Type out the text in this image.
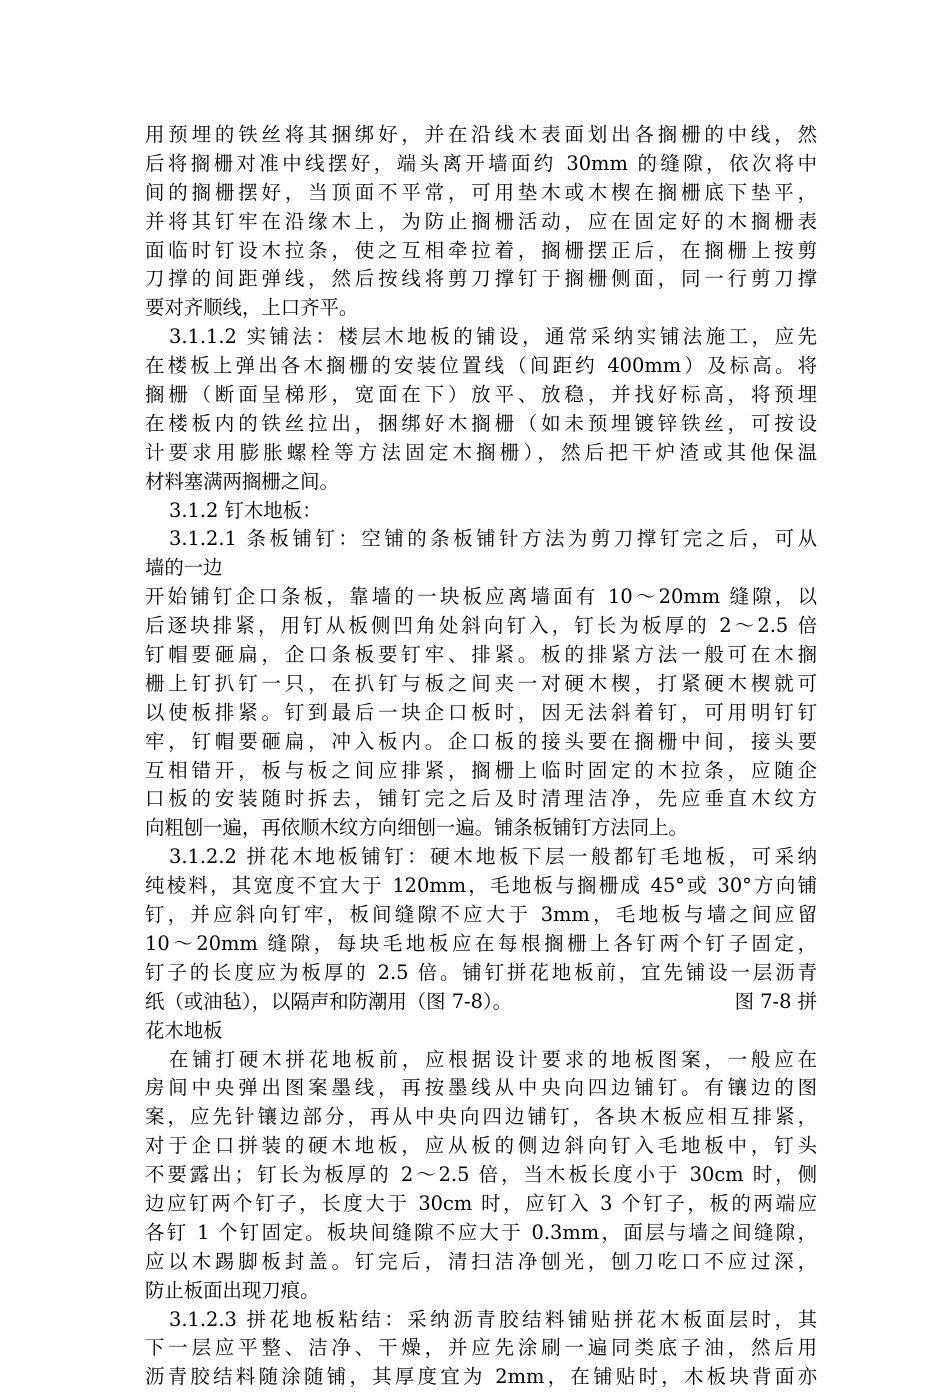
用预埋的铁丝将其捆绑好，并在沿线木表面划出各搁栅的中线，然
后将搁栅对准中线摆好，端头离开墙面约 30mm 的缝隙，依次将中
间的搁栅摆好，当顶面不平常，可用垫木或木楔在搁栅底下垫平，
并将其钉牢在沿缘木上，为防止搁栅活动，应在固定好的木搁栅表
面临时钉设木拉条，使之互相牵拉着，搁栅摆正后，在搁栅上按剪
刀撑的间距弹线，然后按线将剪刀撑钉于搁栅侧面，同一行剪刀撑
要对齐顺线，上口齐平。
3.1.1.2 实铺法：楼层木地板的铺设，通常采纳实铺法施工，应先
在楼板上弹出各木搁栅的安装位置线（间距约 400mm）及标高。将
搁栅（断面呈梯形，宽面在下）放平、放稳，并找好标高，将预埋
在楼板内的铁丝拉出，捆绑好木搁栅（如未预埋镀锌铁丝，可按设
计要求用膨胀螺栓等方法固定木搁栅），然后把干炉渣或其他保温
材料塞满两搁栅之间。
3.1.2 钉木地板：
3.1.2.1 条板铺钉：空铺的条板铺针方法为剪刀撑钉完之后，可从
墙的一边
开始铺钉企口条板，靠墙的一块板应离墙面有 10～20mm 缝隙，以
后逐块排紧，用钉从板侧凹角处斜向钉入，钉长为板厚的 2～2.5 倍
钉帽要砸扁，企口条板要钉牢、排紧。板的排紧方法一般可在木搁
栅上钉扒钉一只，在扒钉与板之间夹一对硬木楔，打紧硬木楔就可
以使板排紧。钉到最后一块企口板时，因无法斜着钉，可用明钉钉
牢，钉帽要砸扁，冲入板内。企口板的接头要在搁栅中间，接头要
互相错开，板与板之间应排紧，搁栅上临时固定的木拉条，应随企
口板的安装随时拆去，铺钉完之后及时清理洁净，先应垂直木纹方
向粗刨一遍，再依顺木纹方向细刨一遍。铺条板铺钉方法同上。
3.1.2.2 拼花木地板铺钉：硬木地板下层一般都钉毛地板，可采纳
纯棱料，其宽度不宜大于 120mm，毛地板与搁栅成 45°或 30°方向铺
钉，并应斜向钉牢，板间缝隙不应大于 3mm，毛地板与墙之间应留
10～20mm 缝隙，每块毛地板应在每根搁栅上各钉两个钉子固定，
钉子的长度应为板厚的 2.5 倍。铺钉拼花地板前，宜先铺设一层沥青
纸（或油毡），以隔声和防潮用（图 7-8）。	图 7-8 拼
花木地板
在铺打硬木拼花地板前，应根据设计要求的地板图案，一般应在
房间中央弹出图案墨线，再按墨线从中央向四边铺钉。有镶边的图
案，应先针镶边部分，再从中央向四边铺钉，各块木板应相互排紧，
对于企口拼装的硬木地板，应从板的侧边斜向钉入毛地板中，钉头
不要露出；钉长为板厚的 2～2.5 倍，当木板长度小于 30cm 时，侧
边应钉两个钉子，长度大于 30cm 时，应钉入 3 个钉子，板的两端应
各钉 1 个钉固定。板块间缝隙不应大于 0.3mm，面层与墙之间缝隙，
应以木踢脚板封盖。钉完后，清扫洁净刨光，刨刀吃口不应过深，
防止板面出现刀痕。
3.1.2.3 拼花地板粘结：采纳沥青胶结料铺贴拼花木板面层时，其
下一层应平整、洁净、干燥，并应先涂刷一遍同类底子油，然后用
沥青胶结料随涂随铺，其厚度宜为 2mm，在铺贴时，木板块背面亦
